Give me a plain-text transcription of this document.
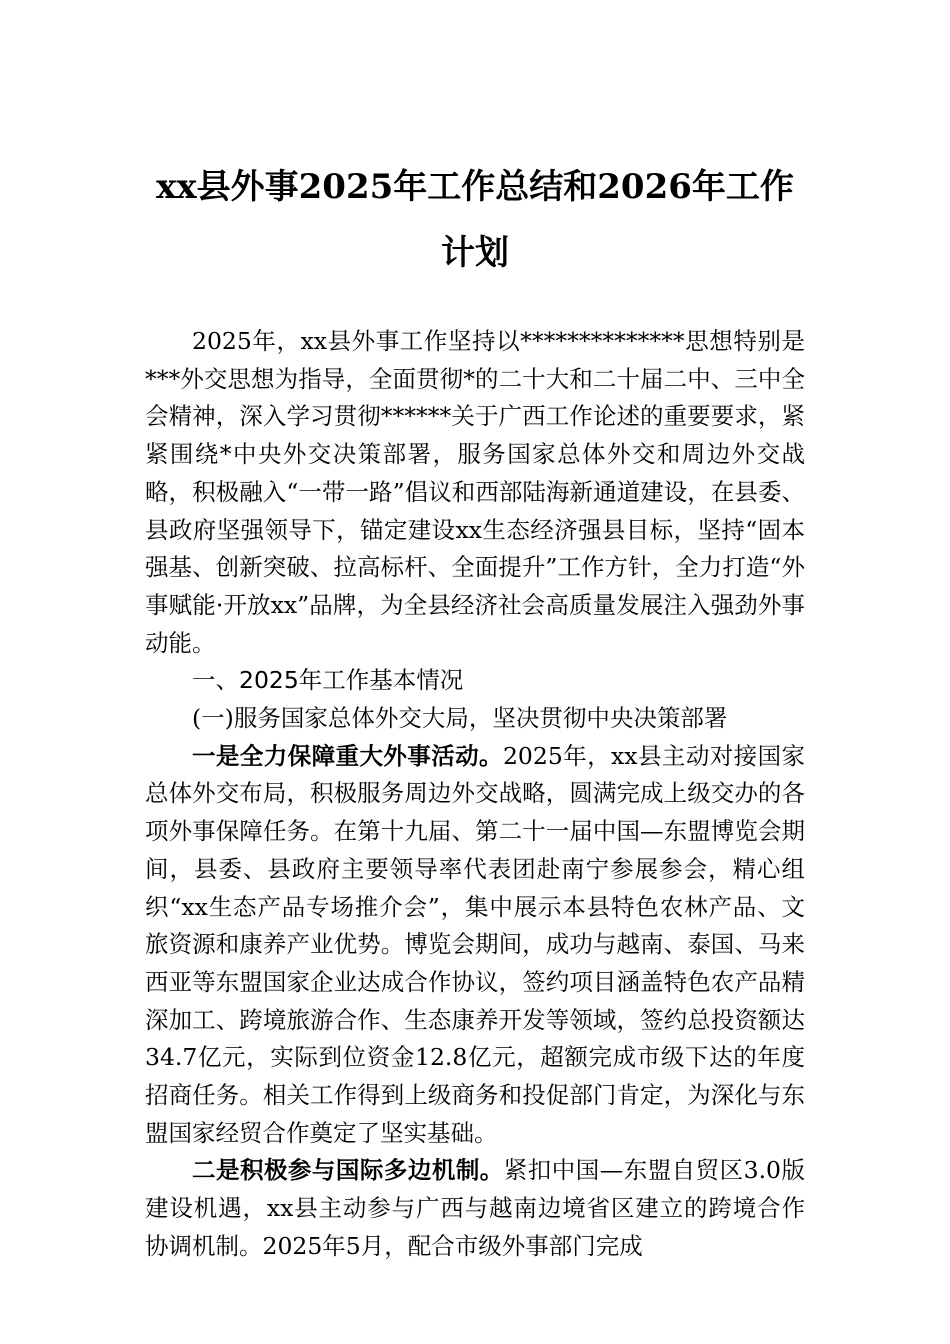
xx县外事2025年工作总结和2026年工作
计划

2025年，xx县外事工作坚持以**************思想特别是***外交思想为指导，全面贯彻*的二十大和二十届二中、三中全会精神，深入学习贯彻******关于广西工作论述的重要要求，紧紧围绕*中央外交决策部署，服务国家总体外交和周边外交战略，积极融入“一带一路”倡议和西部陆海新通道建设，在县委、县政府坚强领导下，锚定建设xx生态经济强县目标，坚持“固本强基、创新突破、拉高标杆、全面提升”工作方针，全力打造“外事赋能·开放xx”品牌，为全县经济社会高质量发展注入强劲外事动能。

一、2025年工作基本情况

(一)服务国家总体外交大局，坚决贯彻中央决策部署

一是全力保障重大外事活动。2025年，xx县主动对接国家总体外交布局，积极服务周边外交战略，圆满完成上级交办的各项外事保障任务。在第十九届、第二十一届中国—东盟博览会期间，县委、县政府主要领导率代表团赴南宁参展参会，精心组织“xx生态产品专场推介会”，集中展示本县特色农林产品、文旅资源和康养产业优势。博览会期间，成功与越南、泰国、马来西亚等东盟国家企业达成合作协议，签约项目涵盖特色农产品精深加工、跨境旅游合作、生态康养开发等领域，签约总投资额达34.7亿元，实际到位资金12.8亿元，超额完成市级下达的年度招商任务。相关工作得到上级商务和投促部门肯定，为深化与东盟国家经贸合作奠定了坚实基础。

二是积极参与国际多边机制。紧扣中国—东盟自贸区3.0版建设机遇，xx县主动参与广西与越南边境省区建立的跨境合作协调机制。2025年5月，配合市级外事部门完成
